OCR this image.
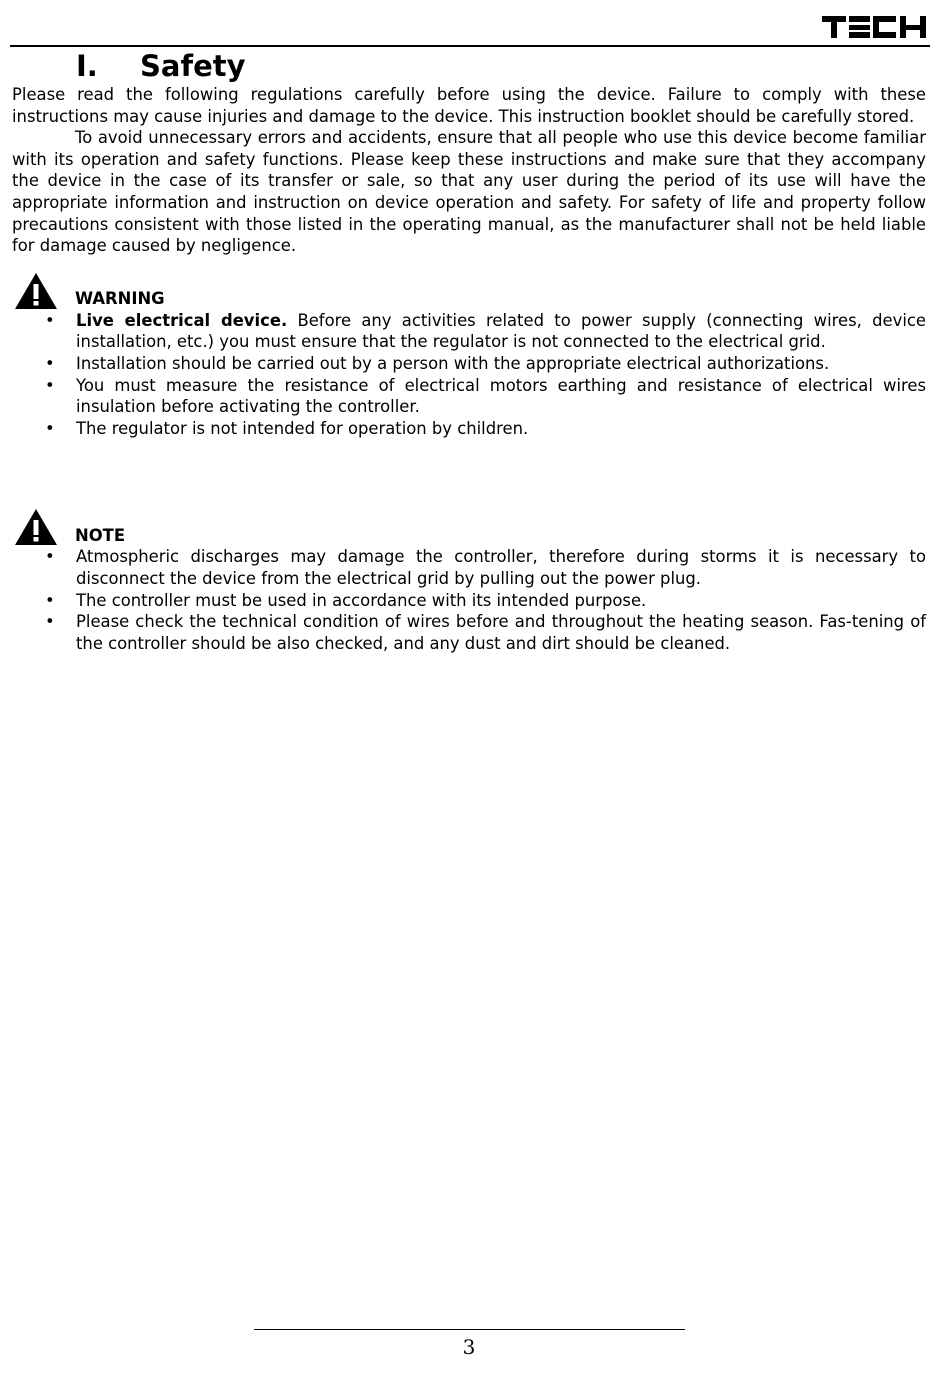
I. Safety

Please read the following regulations carefully before using the device. Failure to comply with these instructions may cause injuries and damage to the device. This instruction booklet should be carefully stored.

To avoid unnecessary errors and accidents, ensure that all people who use this device become familiar with its operation and safety functions. Please keep these instructions and make sure that they accompany the device in the case of its transfer or sale, so that any user during the period of its use will have the appropriate information and instruction on device operation and safety. For safety of life and property follow precautions consistent with those listed in the operating manual, as the manufacturer shall not be held liable for damage caused by negligence.

WARNING
• Live electrical device. Before any activities related to power supply (connecting wires, device installation, etc.) you must ensure that the regulator is not connected to the electrical grid.
• Installation should be carried out by a person with the appropriate electrical authorizations.
• You must measure the resistance of electrical motors earthing and resistance of electrical wires insulation before activating the controller.
• The regulator is not intended for operation by children.
NOTE
• Atmospheric discharges may damage the controller, therefore during storms it is necessary to disconnect the device from the electrical grid by pulling out the power plug.
• The controller must be used in accordance with its intended purpose.
• Please check the technical condition of wires before and throughout the heating season. Fas-tening of the controller should be also checked, and any dust and dirt should be cleaned.
3
